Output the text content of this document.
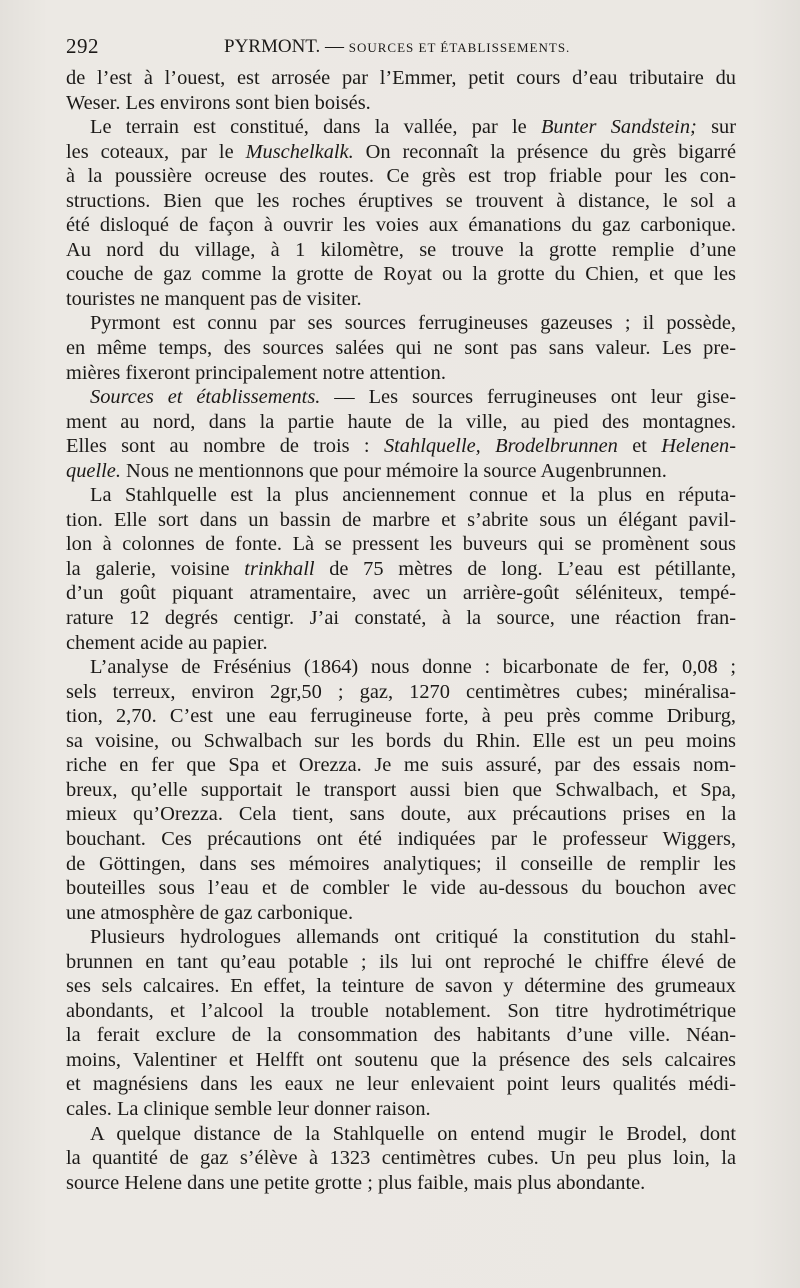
292	PYRMONT. — SOURCES ET ÉTABLISSEMENTS.
de l’est à l’ouest, est arrosée par l’Emmer, petit cours d’eau tributaire du
Weser. Les environs sont bien boisés.
Le terrain est constitué, dans la vallée, par le Bunter Sandstein; sur
les coteaux, par le Muschelkalk. On reconnaît la présence du grès bigarré
à la poussière ocreuse des routes. Ce grès est trop friable pour les con-
structions. Bien que les roches éruptives se trouvent à distance, le sol a
été disloqué de façon à ouvrir les voies aux émanations du gaz carbonique.
Au nord du village, à 1 kilomètre, se trouve la grotte remplie d’une
couche de gaz comme la grotte de Royat ou la grotte du Chien, et que les
touristes ne manquent pas de visiter.
Pyrmont est connu par ses sources ferrugineuses gazeuses ; il possède,
en même temps, des sources salées qui ne sont pas sans valeur. Les pre-
mières fixeront principalement notre attention.
Sources et établissements. — Les sources ferrugineuses ont leur gise-
ment au nord, dans la partie haute de la ville, au pied des montagnes.
Elles sont au nombre de trois : Stahlquelle, Brodelbrunnen et Helenen-
quelle. Nous ne mentionnons que pour mémoire la source Augenbrunnen.
La Stahlquelle est la plus anciennement connue et la plus en réputa-
tion. Elle sort dans un bassin de marbre et s’abrite sous un élégant pavil-
lon à colonnes de fonte. Là se pressent les buveurs qui se promènent sous
la galerie, voisine trinkhall de 75 mètres de long. L’eau est pétillante,
d’un goût piquant atramentaire, avec un arrière-goût séléniteux, tempé-
rature 12 degrés centigr. J’ai constaté, à la source, une réaction fran-
chement acide au papier.
L’analyse de Frésénius (1864) nous donne : bicarbonate de fer, 0,08 ;
sels terreux, environ 2gr,50 ; gaz, 1270 centimètres cubes; minéralisa-
tion, 2,70. C’est une eau ferrugineuse forte, à peu près comme Driburg,
sa voisine, ou Schwalbach sur les bords du Rhin. Elle est un peu moins
riche en fer que Spa et Orezza. Je me suis assuré, par des essais nom-
breux, qu’elle supportait le transport aussi bien que Schwalbach, et Spa,
mieux qu’Orezza. Cela tient, sans doute, aux précautions prises en la
bouchant. Ces précautions ont été indiquées par le professeur Wiggers,
de Göttingen, dans ses mémoires analytiques; il conseille de remplir les
bouteilles sous l’eau et de combler le vide au-dessous du bouchon avec
une atmosphère de gaz carbonique.
Plusieurs hydrologues allemands ont critiqué la constitution du stahl-
brunnen en tant qu’eau potable ; ils lui ont reproché le chiffre élevé de
ses sels calcaires. En effet, la teinture de savon y détermine des grumeaux
abondants, et l’alcool la trouble notablement. Son titre hydrotimétrique
la ferait exclure de la consommation des habitants d’une ville. Néan-
moins, Valentiner et Helfft ont soutenu que la présence des sels calcaires
et magnésiens dans les eaux ne leur enlevaient point leurs qualités médi-
cales. La clinique semble leur donner raison.
A quelque distance de la Stahlquelle on entend mugir le Brodel, dont
la quantité de gaz s’élève à 1323 centimètres cubes. Un peu plus loin, la
source Helene dans une petite grotte ; plus faible, mais plus abondante.
